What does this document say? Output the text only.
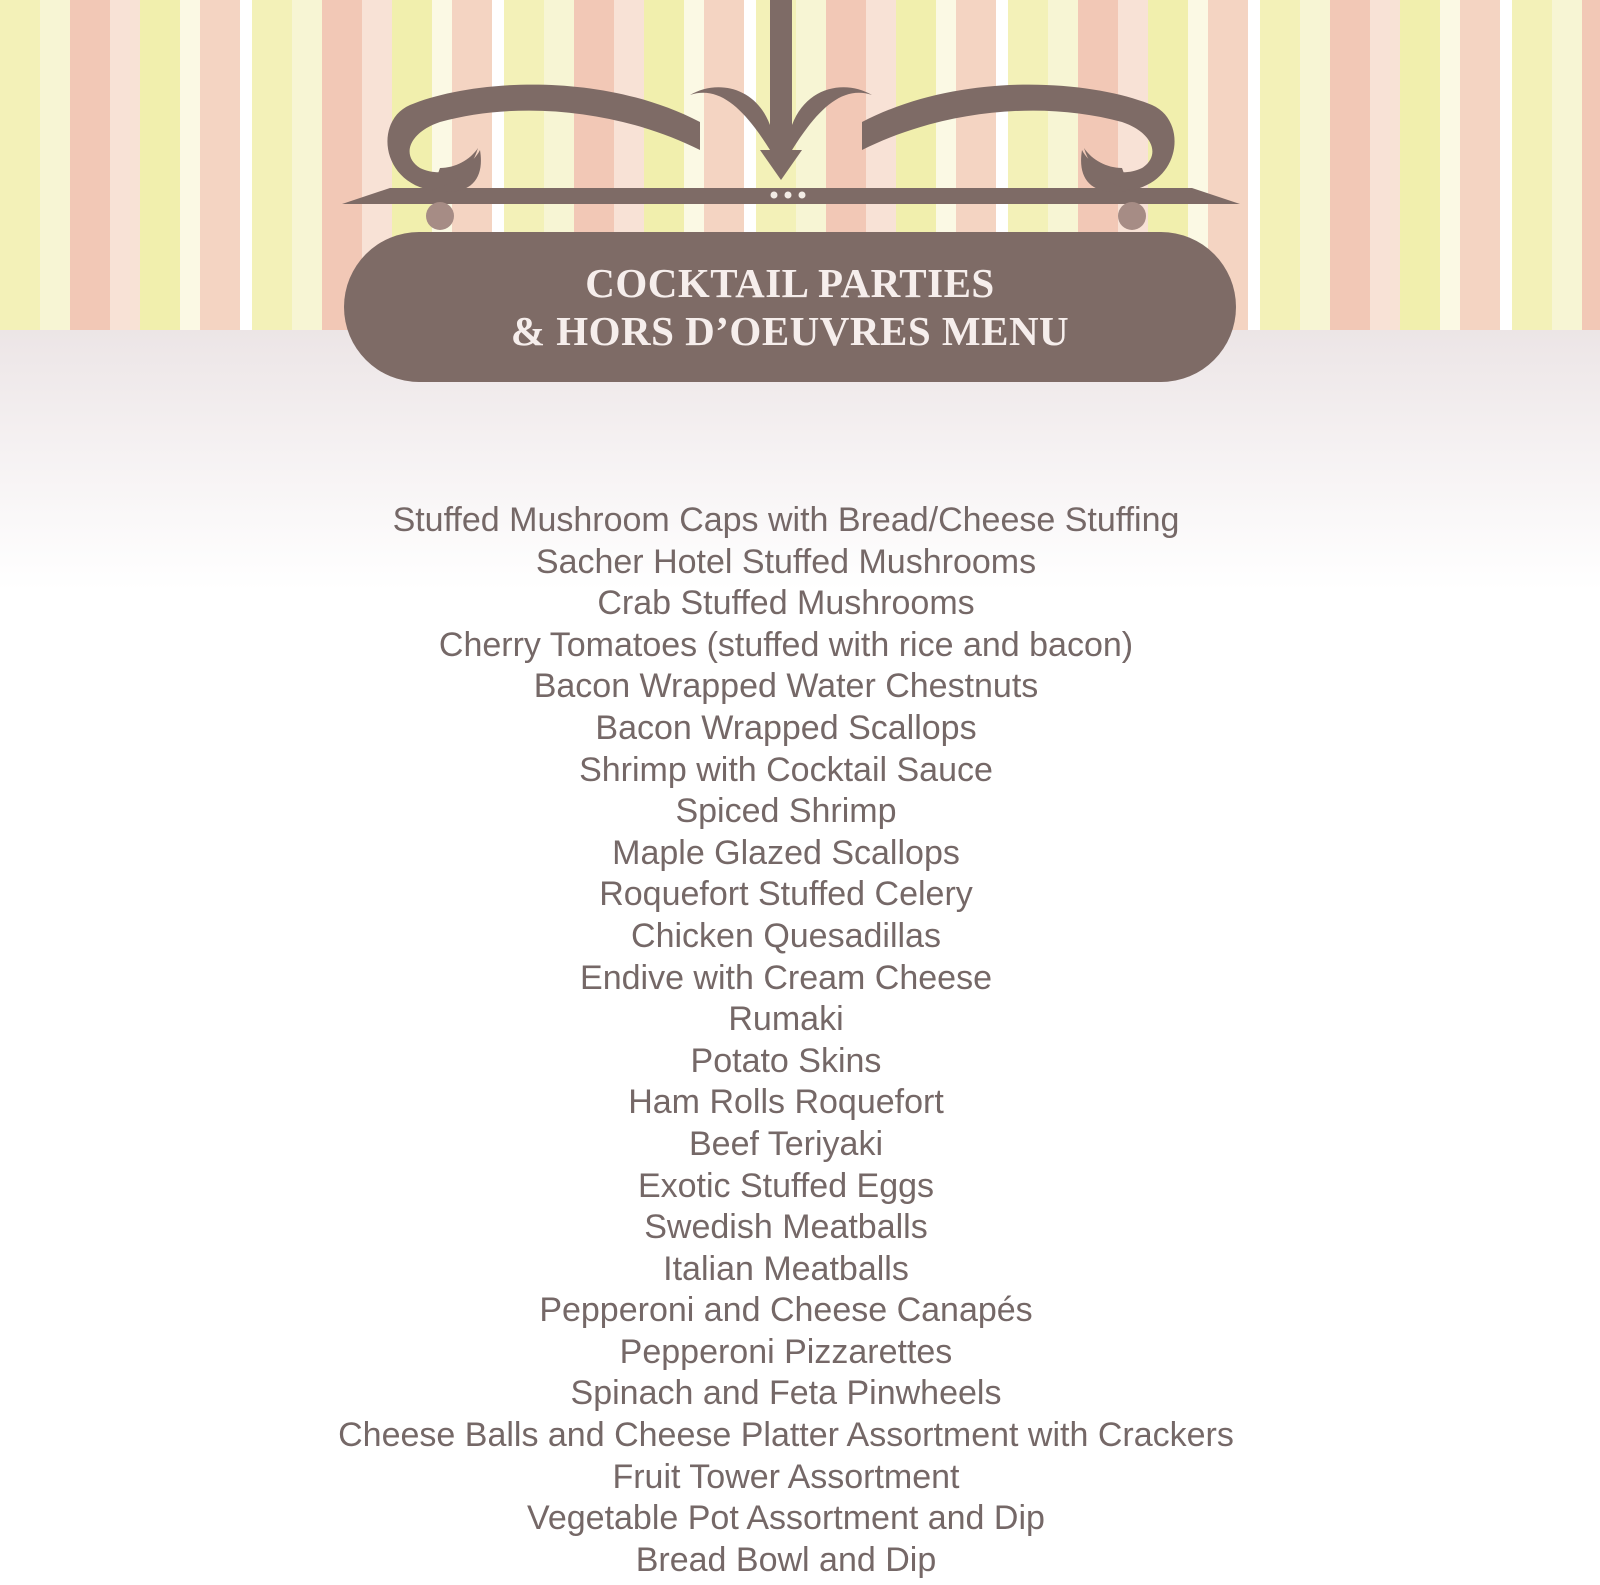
COCKTAIL PARTIES
& HORS D’OEUVRES MENU
Stuffed Mushroom Caps with Bread/Cheese Stuffing
Sacher Hotel Stuffed Mushrooms
Crab Stuffed Mushrooms
Cherry Tomatoes (stuffed with rice and bacon)
Bacon Wrapped Water Chestnuts
Bacon Wrapped Scallops
Shrimp with Cocktail Sauce
Spiced Shrimp
Maple Glazed Scallops
Roquefort Stuffed Celery
Chicken Quesadillas
Endive with Cream Cheese
Rumaki
Potato Skins
Ham Rolls Roquefort
Beef Teriyaki
Exotic Stuffed Eggs
Swedish Meatballs
Italian Meatballs
Pepperoni and Cheese Canapés
Pepperoni Pizzarettes
Spinach and Feta Pinwheels
Cheese Balls and Cheese Platter Assortment with Crackers
Fruit Tower Assortment
Vegetable Pot Assortment and Dip
Bread Bowl and Dip
